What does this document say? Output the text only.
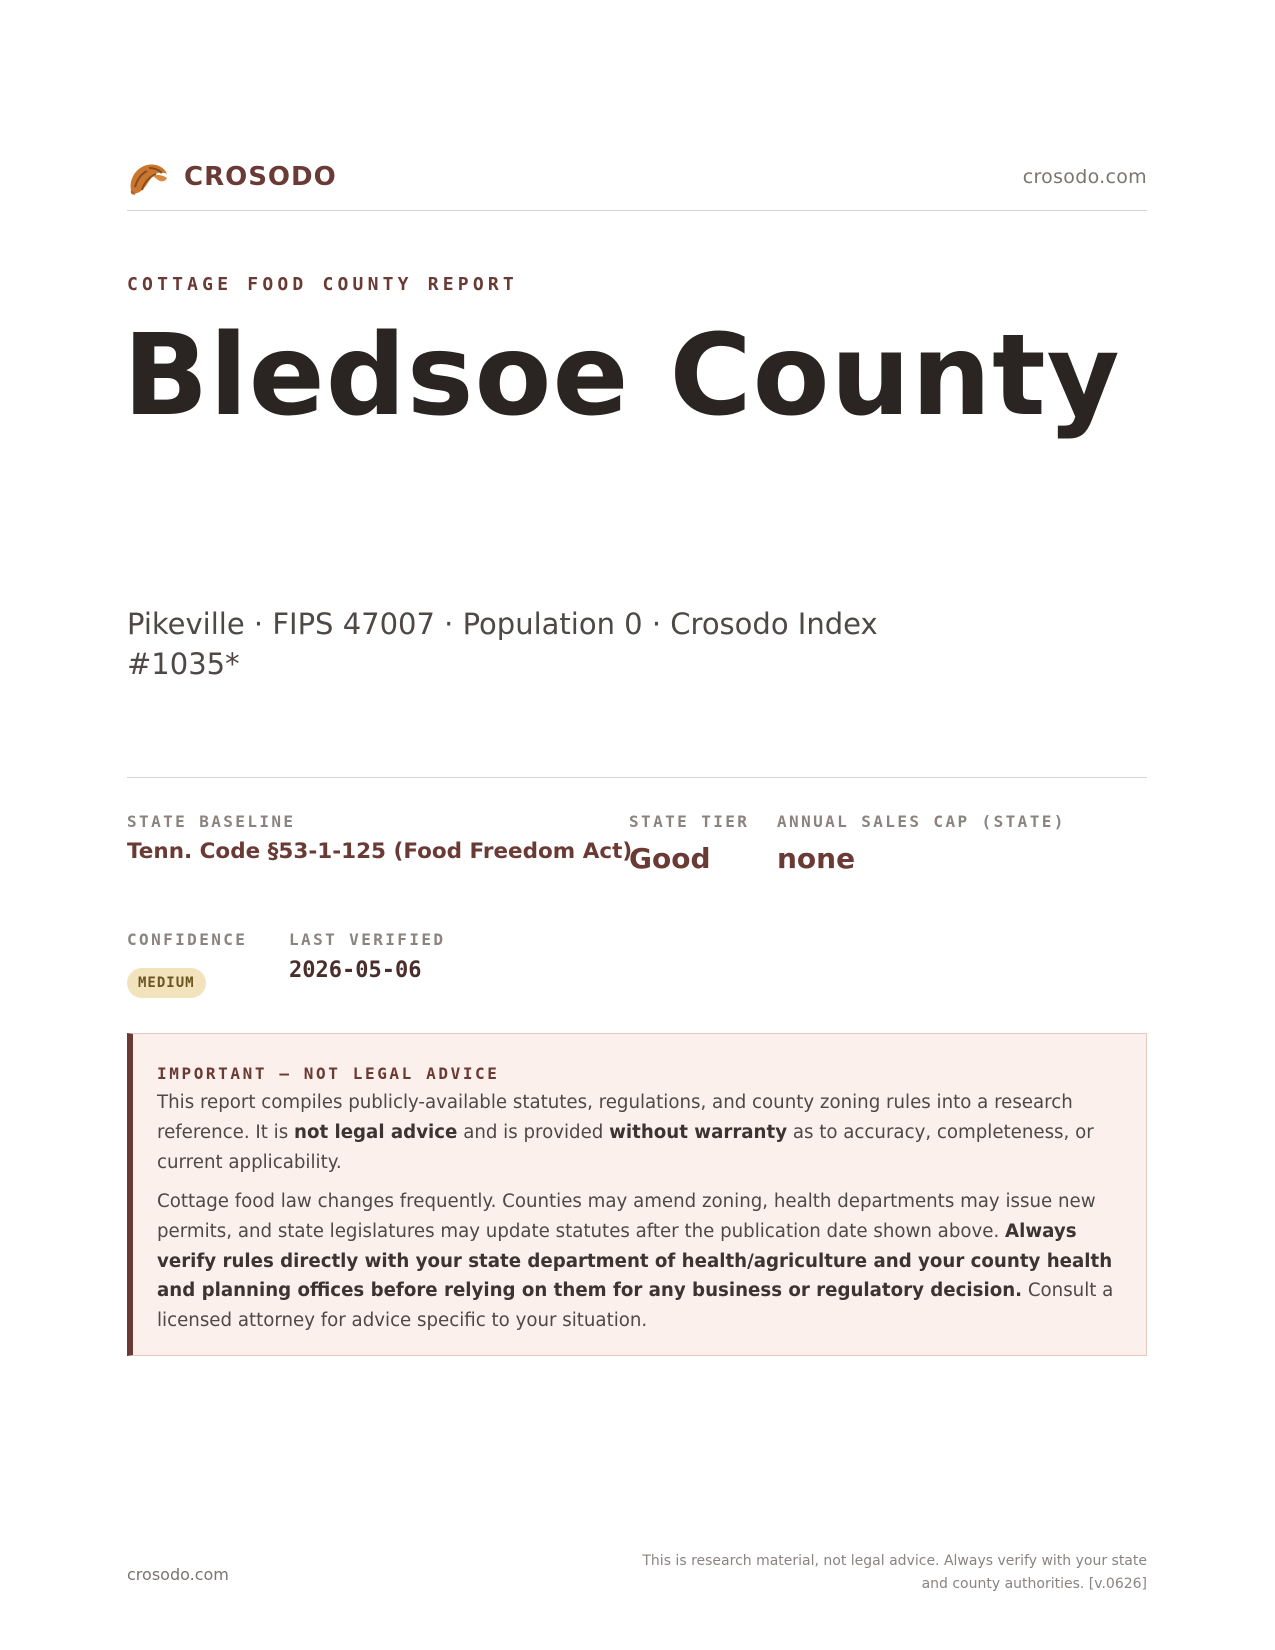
CROSODO	crosodo.com
COTTAGE FOOD COUNTY REPORT
Bledsoe County
Pikeville · FIPS 47007 · Population 0 · Crosodo Index #1035*
STATE BASELINE
Tenn. Code §53-1-125 (Food Freedom Act)
STATE TIER
Good
ANNUAL SALES CAP (STATE)
none
CONFIDENCE
MEDIUM
LAST VERIFIED
2026-05-06
IMPORTANT — NOT LEGAL ADVICE

This report compiles publicly-available statutes, regulations, and county zoning rules into a research reference. It is not legal advice and is provided without warranty as to accuracy, completeness, or current applicability.

Cottage food law changes frequently. Counties may amend zoning, health departments may issue new permits, and state legislatures may update statutes after the publication date shown above. Always verify rules directly with your state department of health/agriculture and your county health and planning offices before relying on them for any business or regulatory decision. Consult a licensed attorney for advice specific to your situation.

crosodo.com
This is research material, not legal advice. Always verify with your state
and county authorities. [v.0626]
